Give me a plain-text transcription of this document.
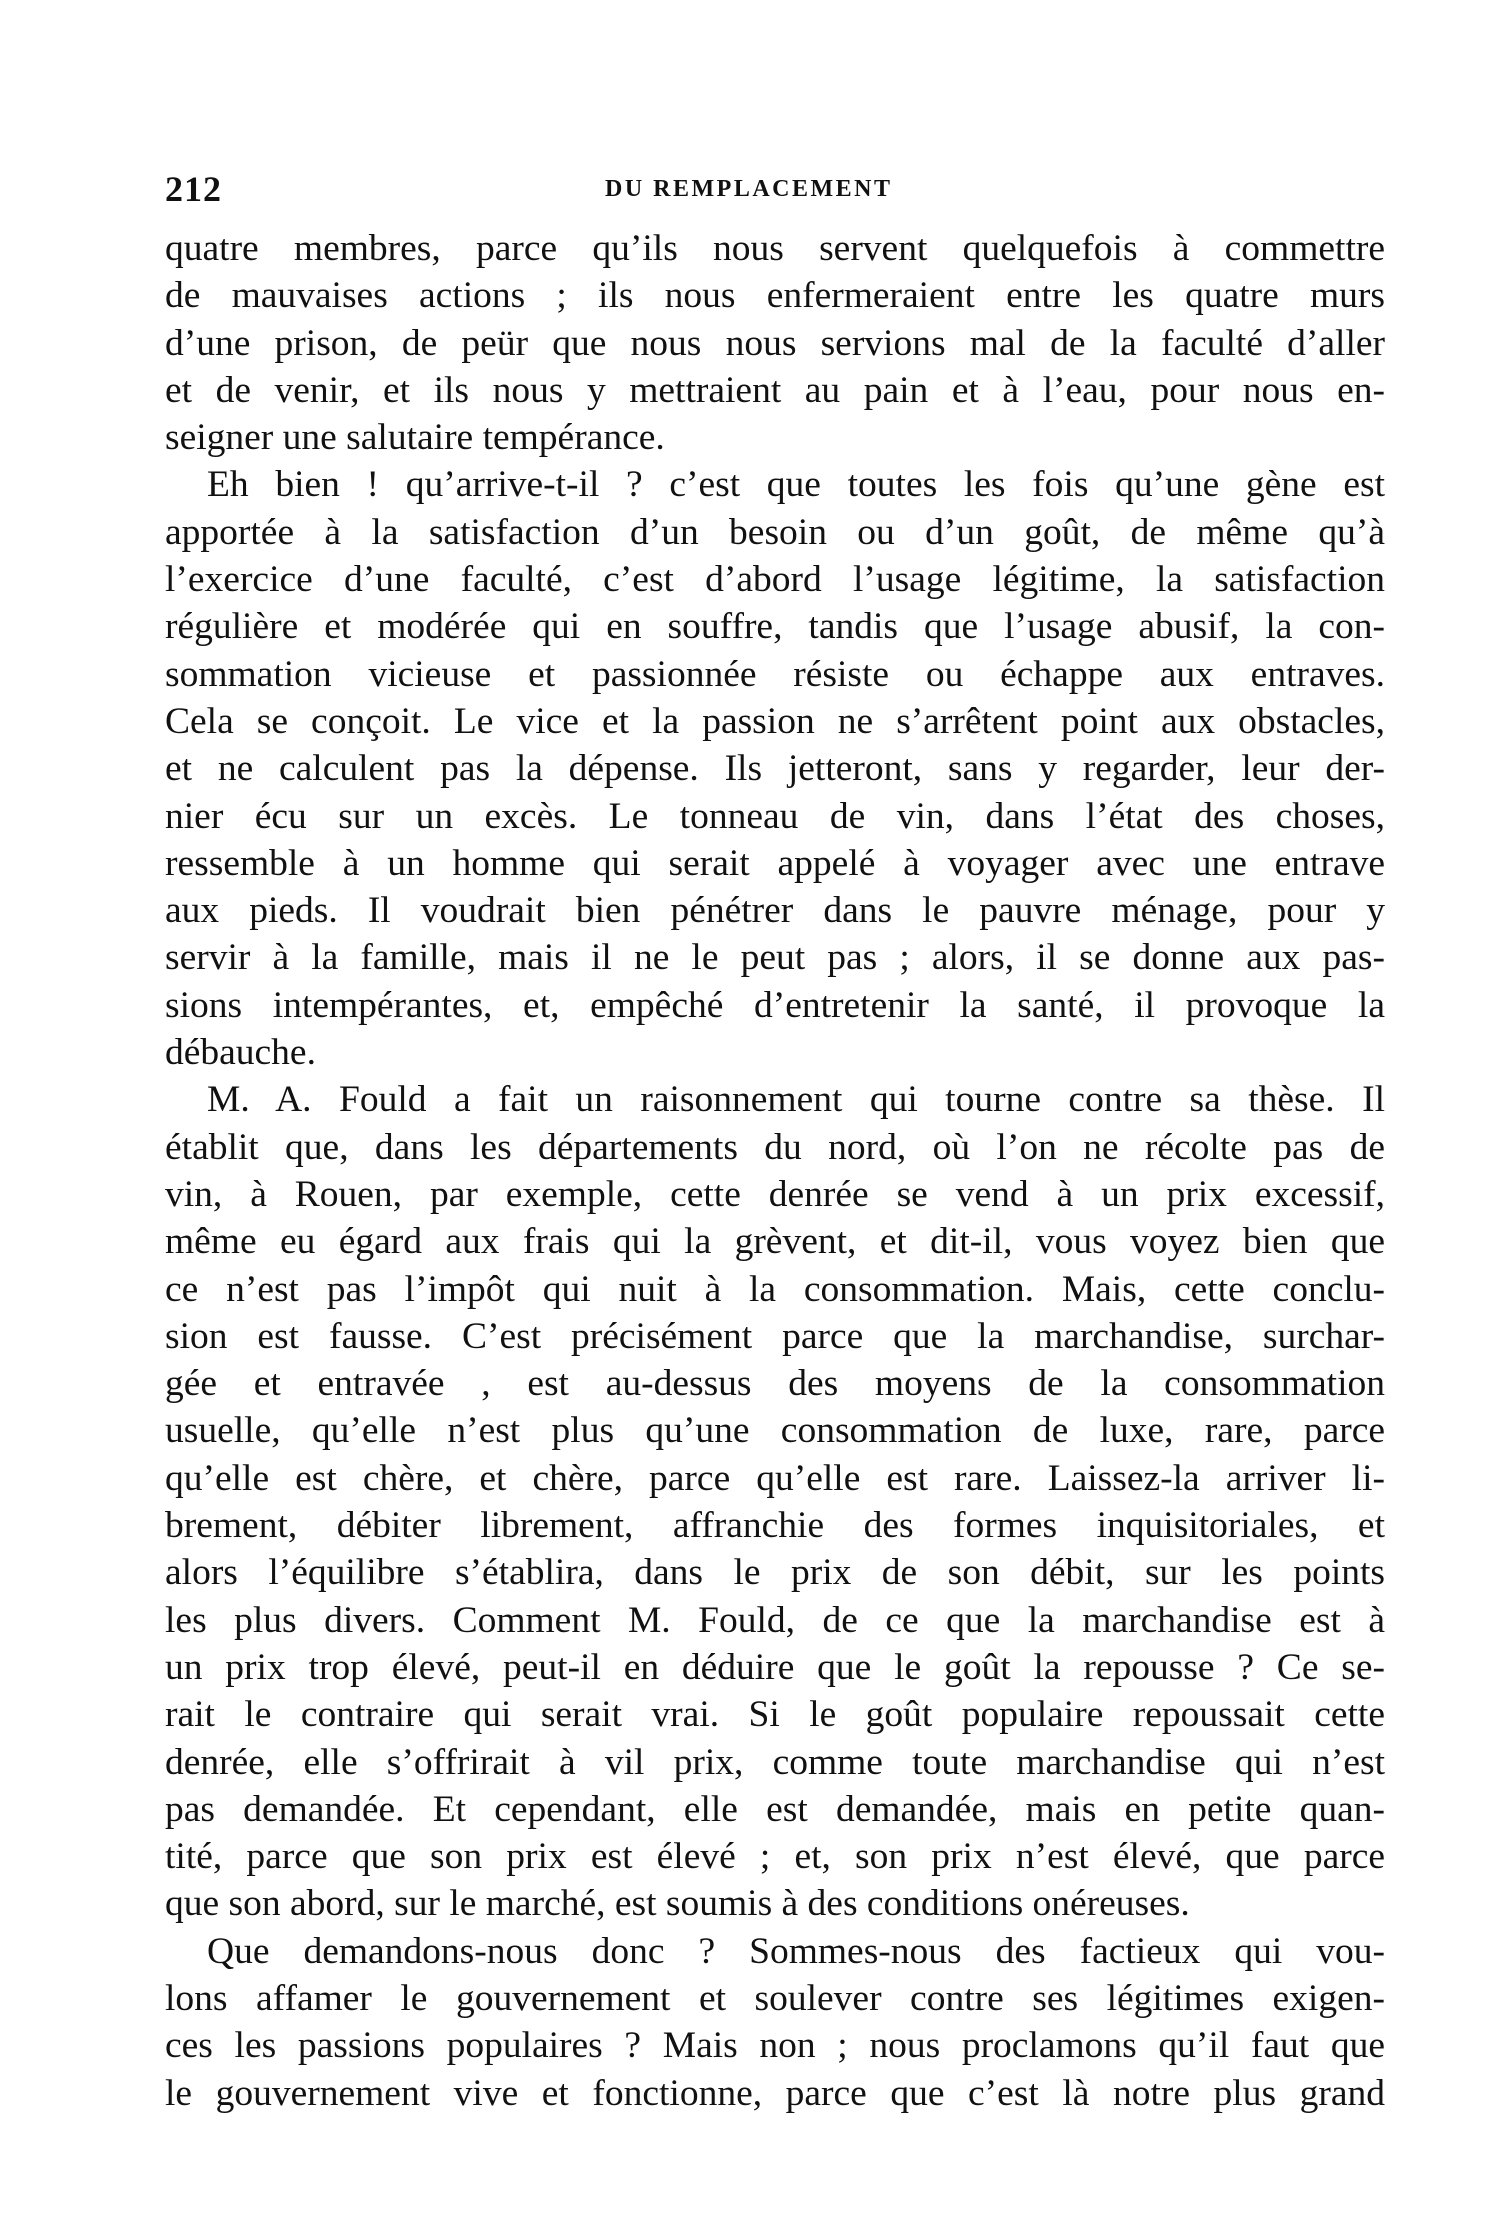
212	DU REMPLACEMENT
quatre membres, parce qu’ils nous servent quelquefois à commettre
de mauvaises actions ; ils nous enfermeraient entre les quatre murs
d’une prison, de peür que nous nous servions mal de la faculté d’aller
et de venir, et ils nous y mettraient au pain et à l’eau, pour nous en-
seigner une salutaire tempérance.
Eh bien ! qu’arrive-t-il ? c’est que toutes les fois qu’une gène est
apportée à la satisfaction d’un besoin ou d’un goût, de même qu’à
l’exercice d’une faculté, c’est d’abord l’usage légitime, la satisfaction
régulière et modérée qui en souffre, tandis que l’usage abusif, la con-
sommation vicieuse et passionnée résiste ou échappe aux entraves.
Cela se conçoit. Le vice et la passion ne s’arrêtent point aux obstacles,
et ne calculent pas la dépense. Ils jetteront, sans y regarder, leur der-
nier écu sur un excès. Le tonneau de vin, dans l’état des choses,
ressemble à un homme qui serait appelé à voyager avec une entrave
aux pieds. Il voudrait bien pénétrer dans le pauvre ménage, pour y
servir à la famille, mais il ne le peut pas ; alors, il se donne aux pas-
sions intempérantes, et, empêché d’entretenir la santé, il provoque la
débauche.
M. A. Fould a fait un raisonnement qui tourne contre sa thèse. Il
établit que, dans les départements du nord, où l’on ne récolte pas de
vin, à Rouen, par exemple, cette denrée se vend à un prix excessif,
même eu égard aux frais qui la grèvent, et dit-il, vous voyez bien que
ce n’est pas l’impôt qui nuit à la consommation. Mais, cette conclu-
sion est fausse. C’est précisément parce que la marchandise, surchar-
gée et entravée , est au-dessus des moyens de la consommation
usuelle, qu’elle n’est plus qu’une consommation de luxe, rare, parce
qu’elle est chère, et chère, parce qu’elle est rare. Laissez-la arriver li-
brement, débiter librement, affranchie des formes inquisitoriales, et
alors l’équilibre s’établira, dans le prix de son débit, sur les points
les plus divers. Comment M. Fould, de ce que la marchandise est à
un prix trop élevé, peut-il en déduire que le goût la repousse ? Ce se-
rait le contraire qui serait vrai. Si le goût populaire repoussait cette
denrée, elle s’offrirait à vil prix, comme toute marchandise qui n’est
pas demandée. Et cependant, elle est demandée, mais en petite quan-
tité, parce que son prix est élevé ; et, son prix n’est élevé, que parce
que son abord, sur le marché, est soumis à des conditions onéreuses.
Que demandons-nous donc ? Sommes-nous des factieux qui vou-
lons affamer le gouvernement et soulever contre ses légitimes exigen-
ces les passions populaires ? Mais non ; nous proclamons qu’il faut que
le gouvernement vive et fonctionne, parce que c’est là notre plus grand
